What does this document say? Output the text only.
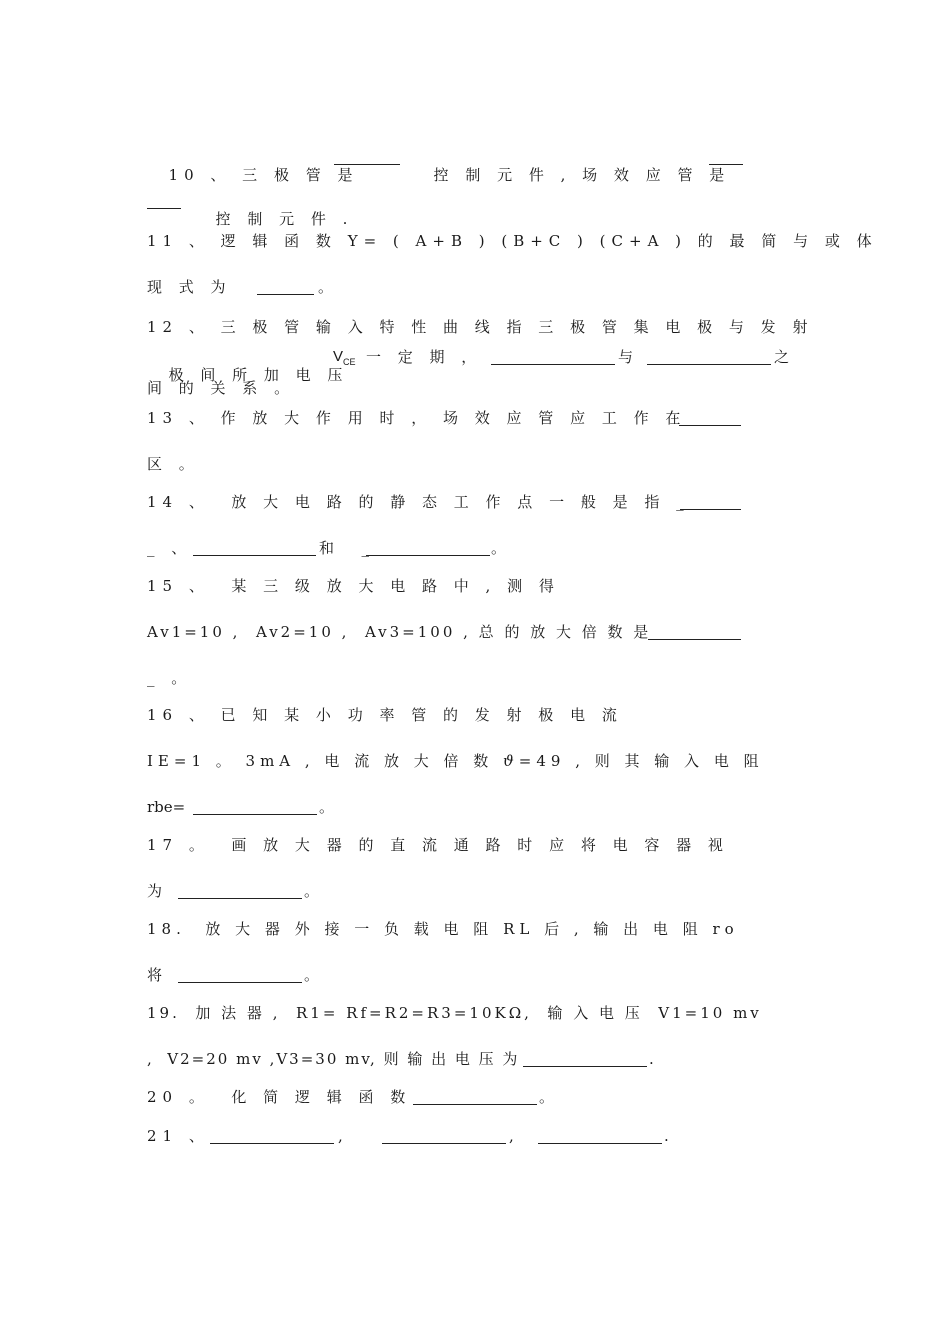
10 、 三 极 管 是	控 制 元 件 , 场 效 应 管 是

控 制 元 件 .

11 、 逻 辑 函 数 Y= ( A+B ) (B+C ) (C+A ) 的 最 简 与 或 体
现 式 为	。
12 、 三 极 管 输 入 特 性 曲 线 指 三 极 管 集 电 极 与 发 射

极 间 所 加 电 压

$V_{CE}$ 一 定 期 ，	与	之
间 的 关 系 。
13 、 作 放 大 作 用 时 ， 场 效 应 管 应 工 作 在
区 。
14 、  放 大 电 路 的 静 态 工 作 点 一 般 是 指 _
_ 、	和  _	。
15 、  某 三 级 放 大 电 路 中 , 测 得
Av1=10 ,  Av2=10 ,  Av3=100 , 总 的 放 大 倍 数 是
_ 。
16 、 已 知 某 小 功 率 管 的 发 射 极 电 流
IE=1 。 3mA , 电 流 放 大 倍 数 ϑ=49 , 则 其 输 入 电 阻
rbe=	。
17 。  画 放 大 器 的 直 流 通 路 时 应 将 电 容 器 视
为	。
18.  放 大 器 外 接 一 负 载 电 阻 RL 后 , 输 出 电 阻 ro
将	。
19.  加 法 器 ,  R1= Rf=R2=R3=10KΩ,  输 入 电 压  V1=10 mv
,  V2=20 mv ,V3=30 mv, 则 输 出 电 压 为	.
20 。  化 简 逻 辑 函 数	。
21 、	,	,	.
